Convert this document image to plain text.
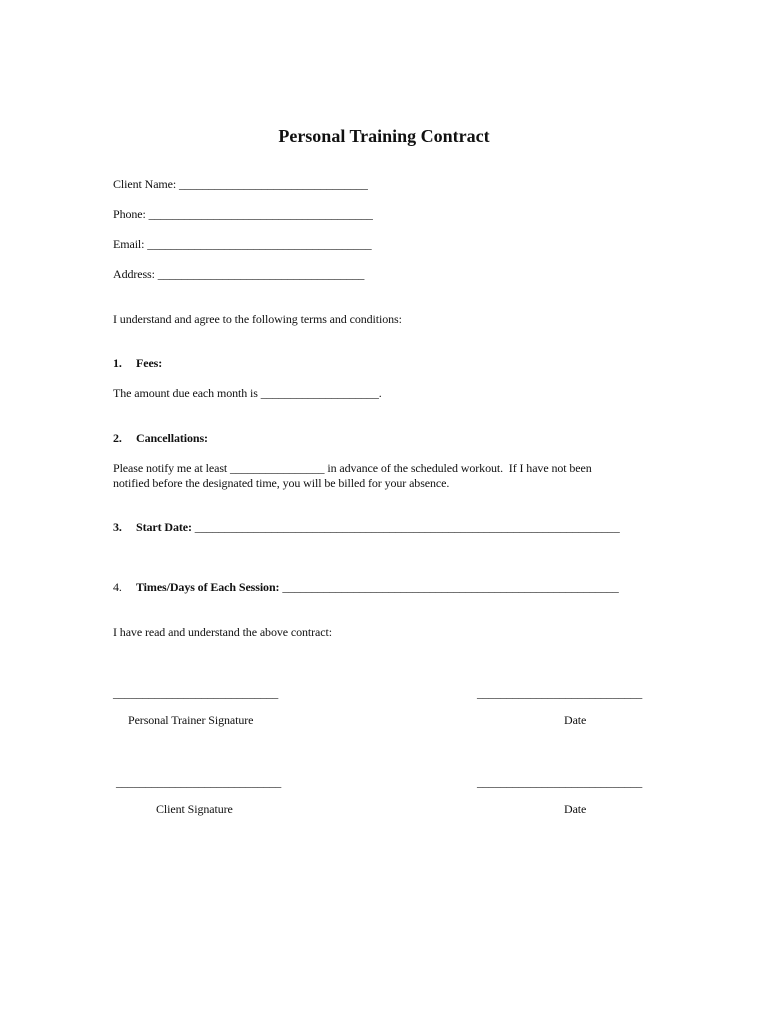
Personal Training Contract
Client Name: ________________________________
Phone: ______________________________________
Email: ______________________________________
Address: ___________________________________
I understand and agree to the following terms and conditions:
1. Fees:
The amount due each month is ____________________.
2. Cancellations:
Please notify me at least ________________ in advance of the scheduled workout.  If I have not been
notified before the designated time, you will be billed for your absence.
3. Start Date: ________________________________________________________________________
4. Times/Days of Each Session: _________________________________________________________
I have read and understand the above contract:
____________________________	____________________________
Personal Trainer Signature	Date
____________________________	____________________________
Client Signature	Date
